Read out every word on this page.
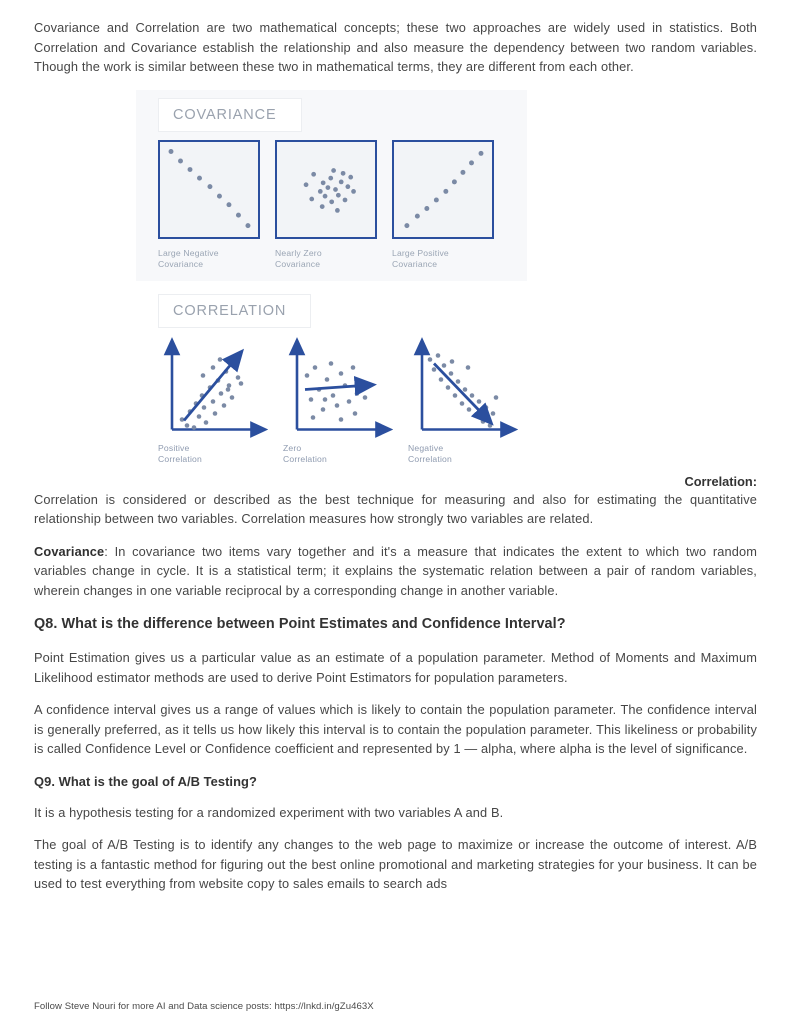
Covariance and Correlation are two mathematical concepts; these two approaches are widely used in statistics. Both Correlation and Covariance establish the relationship and also measure the dependency between two random variables. Though the work is similar between these two in mathematical terms, they are different from each other.

COVARIANCE
Large Negative
Covariance
Nearly Zero
Covariance
Large Positive
Covariance
CORRELATION
Positive
Correlation
Zero
Correlation
Negative
Correlation
Correlation:

Correlation is considered or described as the best technique for measuring and also for estimating the quantitative relationship between two variables. Correlation measures how strongly two variables are related.

Covariance: In covariance two items vary together and it's a measure that indicates the extent to which two random variables change in cycle. It is a statistical term; it explains the systematic relation between a pair of random variables, wherein changes in one variable reciprocal by a corresponding change in another variable.

Q8. What is the difference between Point Estimates and Confidence Interval?

Point Estimation gives us a particular value as an estimate of a population parameter. Method of Moments and Maximum Likelihood estimator methods are used to derive Point Estimators for population parameters.

A confidence interval gives us a range of values which is likely to contain the population parameter. The confidence interval is generally preferred, as it tells us how likely this interval is to contain the population parameter. This likeliness or probability is called Confidence Level or Confidence coefficient and represented by 1 — alpha, where alpha is the level of significance.

Q9. What is the goal of A/B Testing?

It is a hypothesis testing for a randomized experiment with two variables A and B.

The goal of A/B Testing is to identify any changes to the web page to maximize or increase the outcome of interest. A/B testing is a fantastic method for figuring out the best online promotional and marketing strategies for your business. It can be used to test everything from website copy to sales emails to search ads

Follow Steve Nouri for more AI and Data science posts: https://lnkd.in/gZu463X
